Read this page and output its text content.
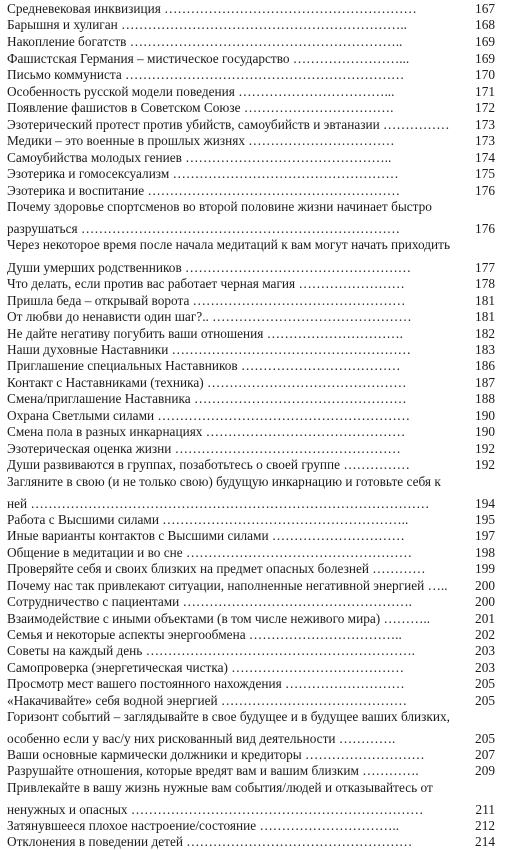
Средневековая инквизиция …………………………………………………	167
Барышня и хулиган ………………………………………………………..	168
Накопление богатств ……………………………………………………..	169
Фашистская Германия – мистическое государство ……………………...	169
Письмо коммуниста ………………………………………………………	170
Особенность русской модели поведения ……………………………...	171
Появление фашистов в Советском Союзе …………………………….	172
Эзотерический протест против убийств, самоубийств и эвтаназии ……………	173
Медики – это военные в прошлых жизнях ……………………………	173
Самоубийства молодых гениев ………………………………………..	174
Эзотерика и гомосексуализм ……………………………………………	175
Эзотерика и воспитание …………………………………………………	176
Почему здоровье спортсменов во второй половине жизни начинает быстро
разрушаться ………………………………………………………………	176
Через некоторое время после начала медитаций к вам могут начать приходить
Души умерших родственников ……………………………………………	177
Что делать, если против вас работает черная магия ……………………	178
Пришла беда – открывай ворота …………………………………………	181
От любви до ненависти один шаг?.. ………………………………………	181
Не дайте негативу погубить ваши отношения ………………………….	182
Наши духовные Наставники ………………………………………………	183
Приглашение специальных Наставников ………………………………	186
Контакт с Наставниками (техника) ………………………………………	187
Смена/приглашение Наставника …………………………………………	188
Охрана Светлыми силами …………………………………………………	190
Смена пола в разных инкарнациях ………………………………………	190
Эзотерическая оценка жизни ……………………………………………	192
Души развиваются в группах, позаботьтесь о своей группе ……………	192
Загляните в свою (и не только свою) будущую инкарнацию и готовьте себя к
ней ………………………………………………………………………………	194
Работа с Высшими силами ………………………………………………..	195
Иные варианты контактов с Высшими силами …………………………	197
Общение в медитации и во сне ……………………………………………	198
Проверяйте себя и своих близких на предмет опасных болезней …………	199
Почему нас так привлекают ситуации, наполненные негативной энергией …..	200
Сотрудничество с пациентами …………………………………………….	200
Взаимодействие с иными объектами (в том числе неживого мира) ………..	201
Семья и некоторые аспекты энергообмена ……………………………..	202
Советы на каждый день …………………………………………………….	203
Самопроверка (энергетическая чистка) …………………………………	203
Просмотр мест вашего постоянного нахождения ………………………	205
«Накачивайте» себя водной энергией ……………………………………	205
Горизонт событий – заглядывайте в свое будущее и в будущее ваших близких,
особенно если у вас/у них рискованный вид деятельности ………….	205
Ваши основные кармически должники и кредиторы ………………………	207
Разрушайте отношения, которые вредят вам и вашим близким ………….	209
Привлекайте в вашу жизнь нужные вам события/людей и отказывайтесь от
ненужных и опасных …………………………………………………………	211
Затянувшееся плохое настроение/состояние …………………………..	212
Отклонения в поведении детей ……………………………………………	214
